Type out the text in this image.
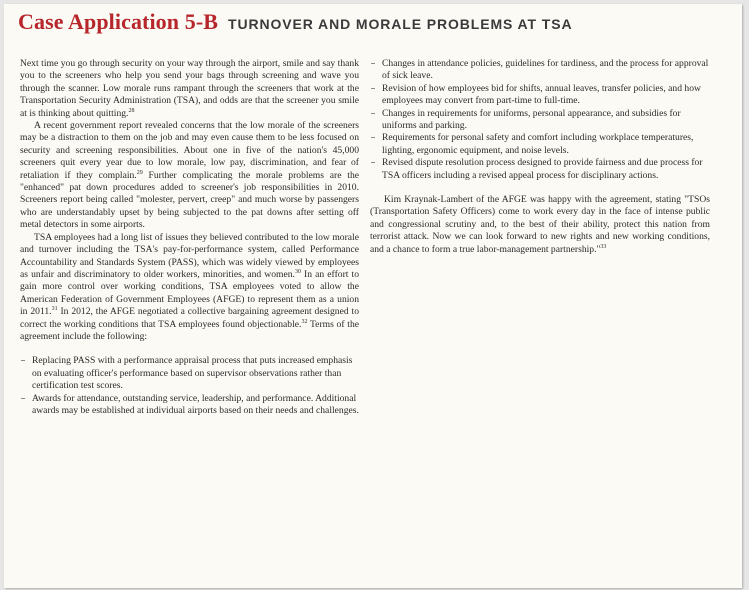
Case Application 5-B TURNOVER AND MORALE PROBLEMS AT TSA

Next time you go through security on your way through the airport, smile and say thank you to the screeners who help you send your bags through screening and wave you through the scanner. Low morale runs rampant through the screeners that work at the Transportation Security Administration (TSA), and odds are that the screener you smile at is thinking about quitting.$^{28}$

A recent government report revealed concerns that the low morale of the screeners may be a distraction to them on the job and may even cause them to be less focused on security and screening responsibilities. About one in five of the nation's 45,000 screeners quit every year due to low morale, low pay, discrimination, and fear of retaliation if they complain.$^{29}$ Further complicating the morale problems are the "enhanced" pat down procedures added to screener's job responsibilities in 2010. Screeners report being called "molester, pervert, creep" and much worse by passengers who are understandably upset by being subjected to the pat downs after setting off metal detectors in some airports.

TSA employees had a long list of issues they believed contributed to the low morale and turnover including the TSA's pay-for-performance system, called Performance Accountability and Standards System (PASS), which was widely viewed by employees as unfair and discriminatory to older workers, minorities, and women.$^{30}$ In an effort to gain more control over working conditions, TSA employees voted to allow the American Federation of Government Employees (AFGE) to represent them as a union in 2011.31 In 2012, the AFGE negotiated a collective bargaining agreement designed to correct the working conditions that TSA employees found objectionable.$^{32}$ Terms of the agreement include the following:

Replacing PASS with a performance appraisal process that puts increased emphasis on evaluating officer's performance based on supervisor observations rather than certification test scores.
Awards for attendance, outstanding service, leadership, and performance. Additional awards may be established at individual airports based on their needs and challenges.
Changes in attendance policies, guidelines for tardiness, and the process for approval of sick leave.
Revision of how employees bid for shifts, annual leaves, transfer policies, and how employees may convert from part-time to full-time.
Changes in requirements for uniforms, personal appearance, and subsidies for uniforms and parking.
Requirements for personal safety and comfort including workplace temperatures, lighting, ergonomic equipment, and noise levels.
Revised dispute resolution process designed to provide fairness and due process for TSA officers including a revised appeal process for disciplinary actions.

Kim Kraynak-Lambert of the AFGE was happy with the agreement, stating "TSOs (Transportation Safety Officers) come to work every day in the face of intense public and congressional scrutiny and, to the best of their ability, protect this nation from terrorist attack. Now we can look forward to new rights and new working conditions, and a chance to form a true labor-management partnership."$^{33}$
